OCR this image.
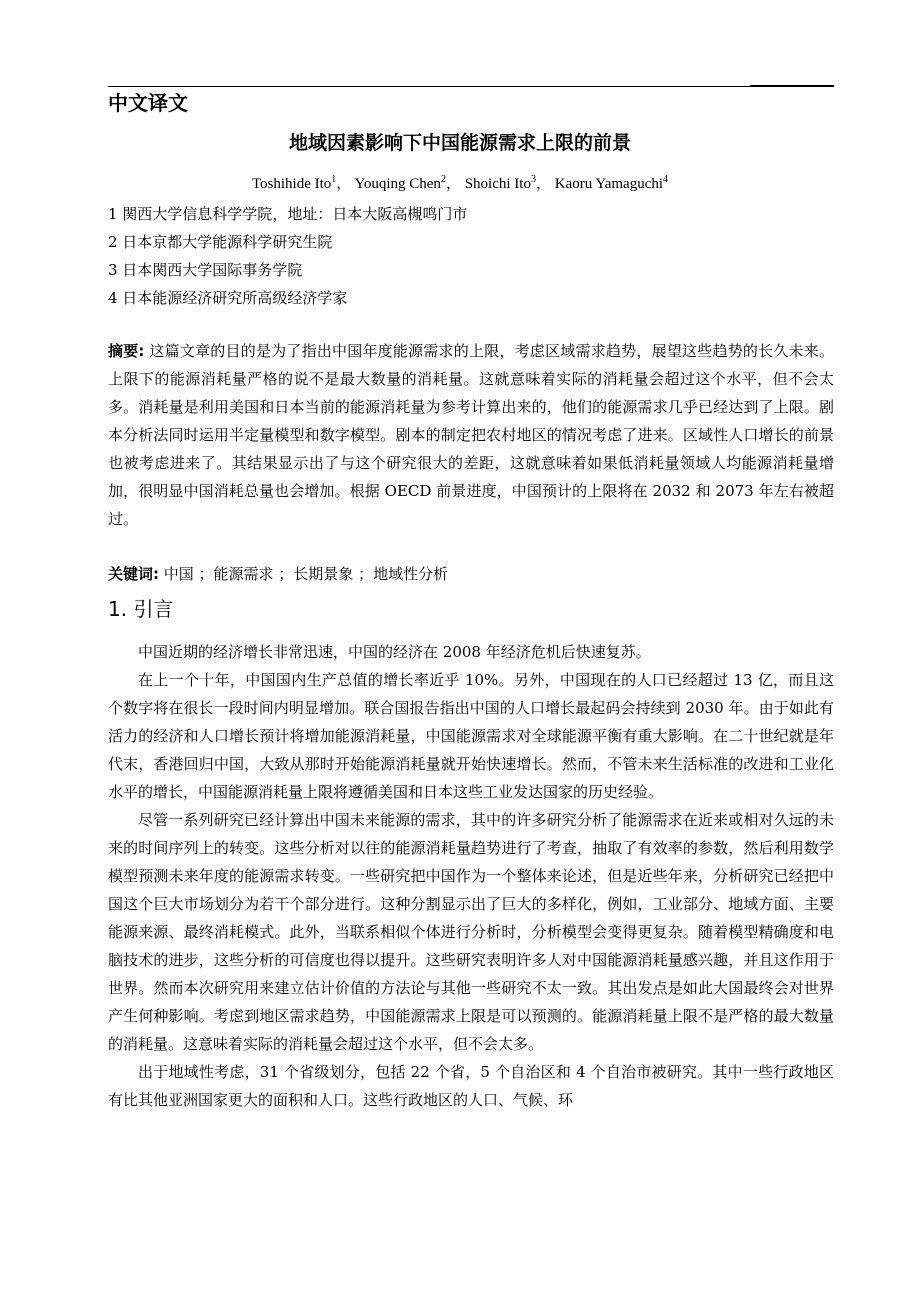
中文译文
地域因素影响下中国能源需求上限的前景
Toshihide Ito$^1$， Youqing Chen$^2$， Shoichi Ito$^3$， Kaoru Yamaguchi$^4$
1 関西大学信息科学学院，地址：日本大阪高槻鸣门市
2 日本京都大学能源科学研究生院
3 日本関西大学国际事务学院
4 日本能源经济研究所高级经济学家

摘要: 这篇文章的目的是为了指出中国年度能源需求的上限，考虑区域需求趋势，展望这些趋势的长久未来。上限下的能源消耗量严格的说不是最大数量的消耗量。这就意味着实际的消耗量会超过这个水平，但不会太多。消耗量是利用美国和日本当前的能源消耗量为参考计算出来的，他们的能源需求几乎已经达到了上限。剧本分析法同时运用半定量模型和数字模型。剧本的制定把农村地区的情况考虑了进来。区域性人口增长的前景也被考虑进来了。其结果显示出了与这个研究很大的差距，这就意味着如果低消耗量领域人均能源消耗量增加，很明显中国消耗总量也会增加。根据 OECD 前景进度，中国预计的上限将在 2032 和 2073 年左右被超过。

关键词: 中国 ；能源需求 ；长期景象 ；地域性分析
1. 引言

中国近期的经济增长非常迅速，中国的经济在 2008 年经济危机后快速复苏。

在上一个十年，中国国内生产总值的增长率近乎 10%。另外，中国现在的人口已经超过 13 亿，而且这个数字将在很长一段时间内明显增加。联合国报告指出中国的人口增长最起码会持续到 2030 年。由于如此有活力的经济和人口增长预计将增加能源消耗量，中国能源需求对全球能源平衡有重大影响。在二十世纪就是年代末，香港回归中国，大致从那时开始能源消耗量就开始快速增长。然而，不管未来生活标准的改进和工业化水平的增长，中国能源消耗量上限将遵循美国和日本这些工业发达国家的历史经验。

尽管一系列研究已经计算出中国未来能源的需求，其中的许多研究分析了能源需求在近来或相对久远的未来的时间序列上的转变。这些分析对以往的能源消耗量趋势进行了考查，抽取了有效率的参数，然后利用数学模型预测未来年度的能源需求转变。一些研究把中国作为一个整体来论述，但是近些年来，分析研究已经把中国这个巨大市场划分为若干个部分进行。这种分割显示出了巨大的多样化，例如，工业部分、地域方面、主要能源来源、最终消耗模式。此外，当联系相似个体进行分析时，分析模型会变得更复杂。随着模型精确度和电脑技术的进步，这些分析的可信度也得以提升。这些研究表明许多人对中国能源消耗量感兴趣，并且这作用于世界。然而本次研究用来建立估计价值的方法论与其他一些研究不太一致。其出发点是如此大国最终会对世界产生何种影响。考虑到地区需求趋势，中国能源需求上限是可以预测的。能源消耗量上限不是严格的最大数量的消耗量。这意味着实际的消耗量会超过这个水平，但不会太多。

出于地域性考虑，31 个省级划分，包括 22 个省，5 个自治区和 4 个自治市被研究。其中一些行政地区有比其他亚洲国家更大的面积和人口。这些行政地区的人口、气候、环
